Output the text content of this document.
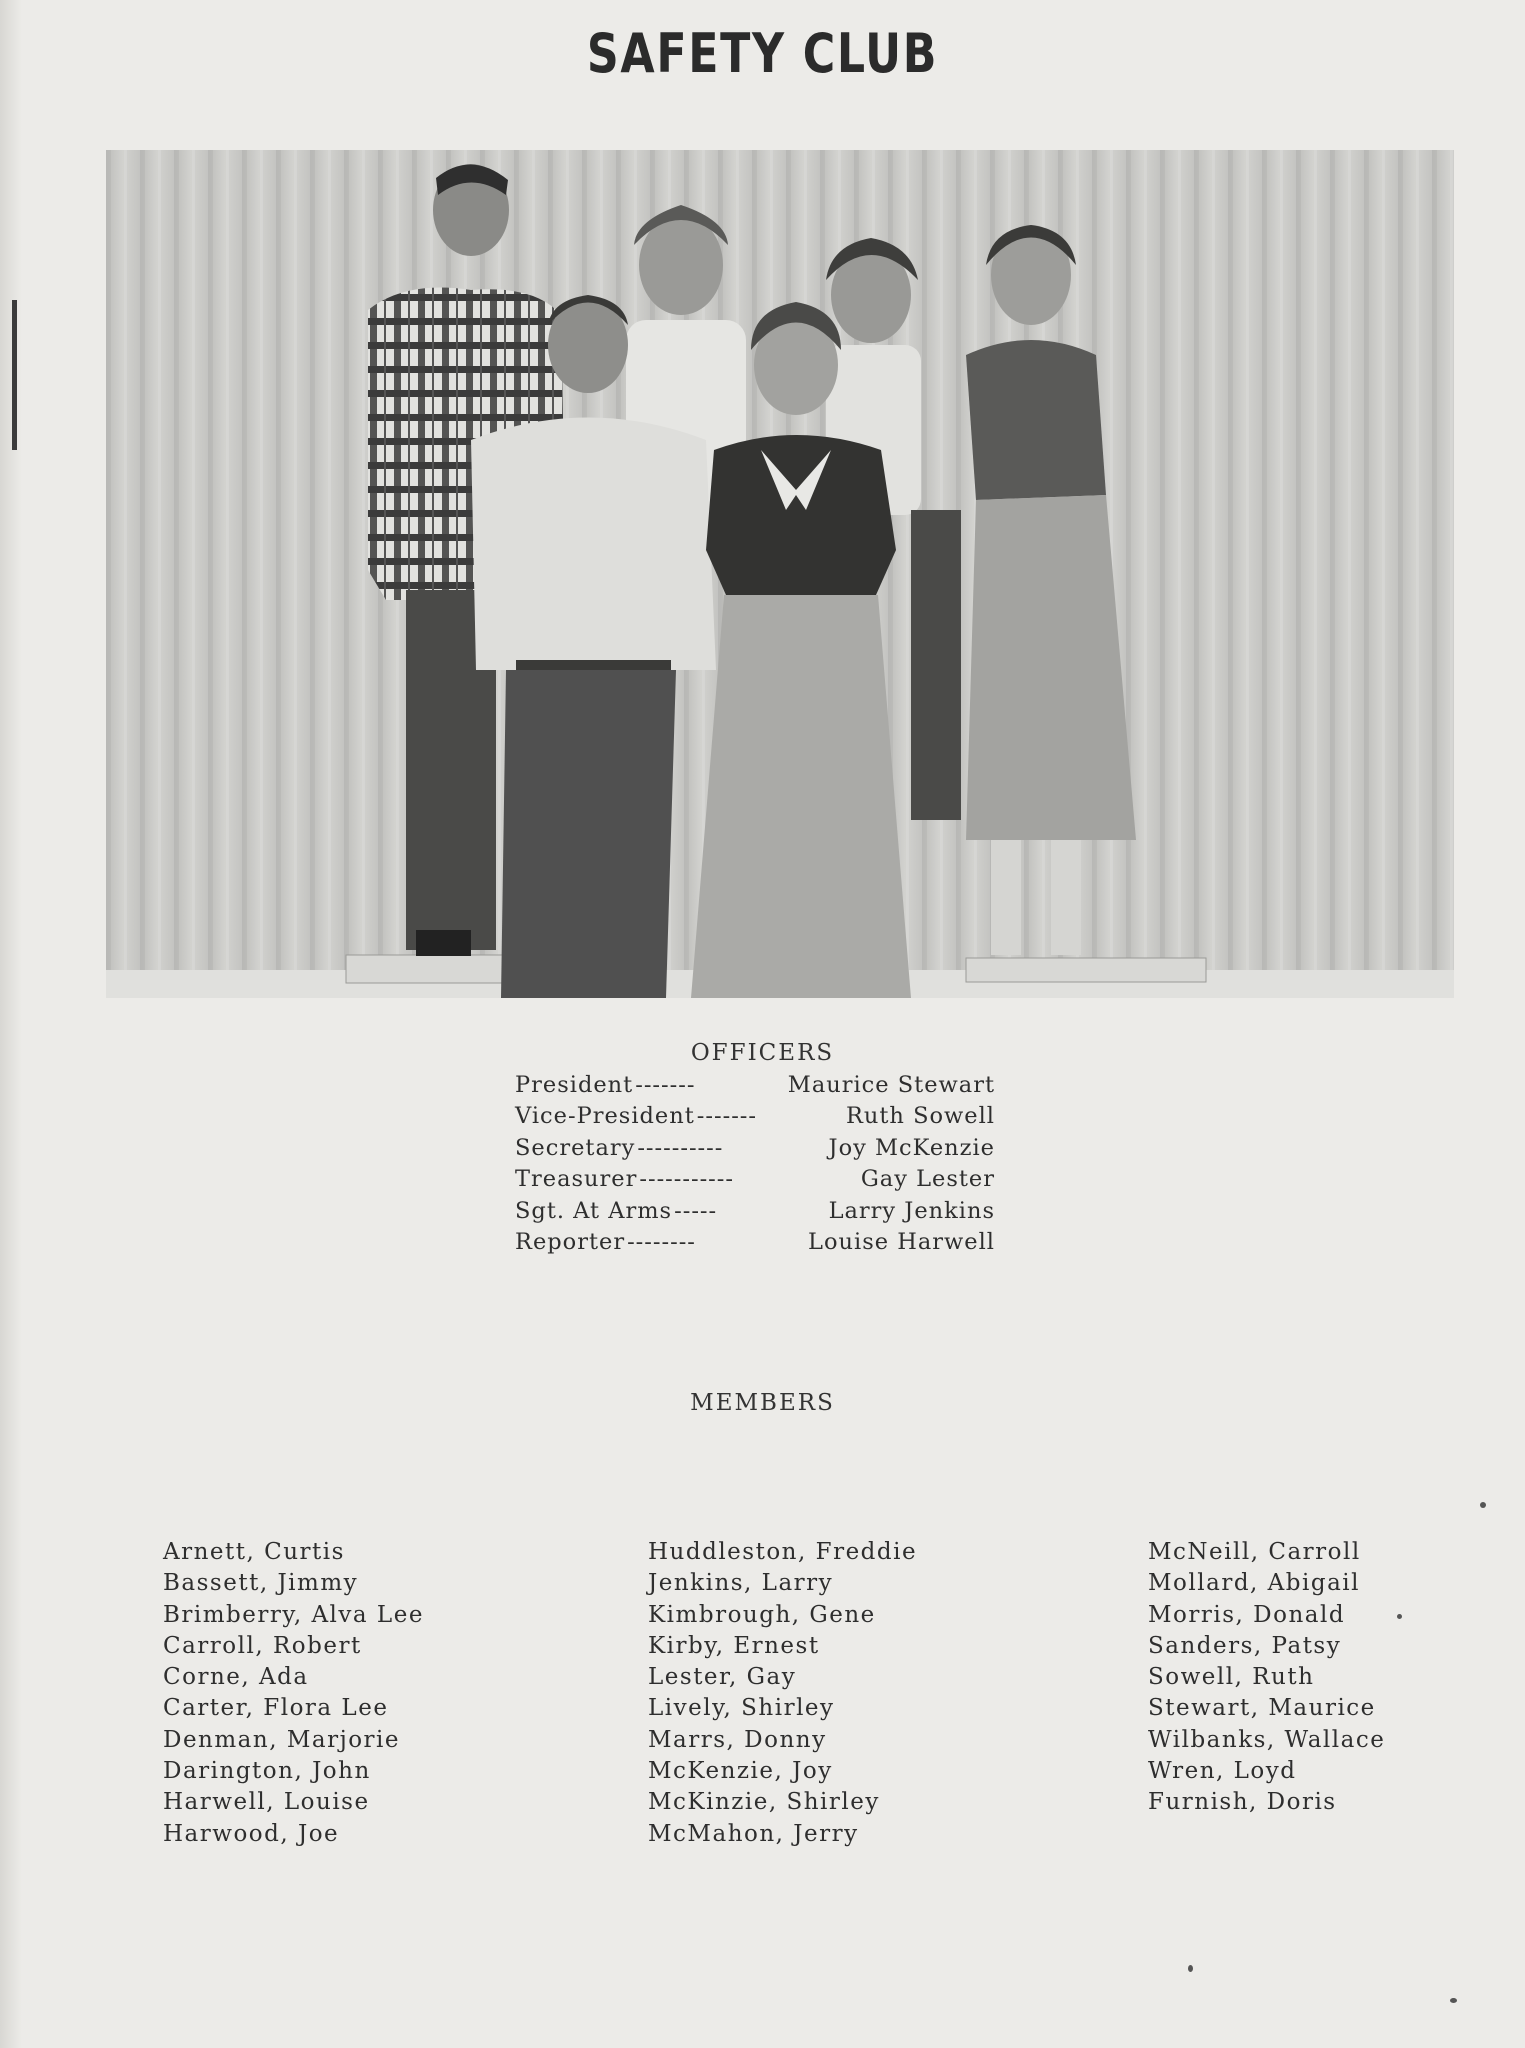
SAFETY CLUB
OFFICERS
President -------	Maurice Stewart
Vice-President -------	Ruth Sowell
Secretary ----------	Joy McKenzie
Treasurer -----------	Gay Lester
Sgt. At Arms -----	Larry Jenkins
Reporter --------	Louise Harwell
MEMBERS
Arnett, Curtis
Bassett, Jimmy
Brimberry, Alva Lee
Carroll, Robert
Corne, Ada
Carter, Flora Lee
Denman, Marjorie
Darington, John
Harwell, Louise
Harwood, Joe
Huddleston, Freddie
Jenkins, Larry
Kimbrough, Gene
Kirby, Ernest
Lester, Gay
Lively, Shirley
Marrs, Donny
McKenzie, Joy
McKinzie, Shirley
McMahon, Jerry
McNeill, Carroll
Mollard, Abigail
Morris, Donald
Sanders, Patsy
Sowell, Ruth
Stewart, Maurice
Wilbanks, Wallace
Wren, Loyd
Furnish, Doris
